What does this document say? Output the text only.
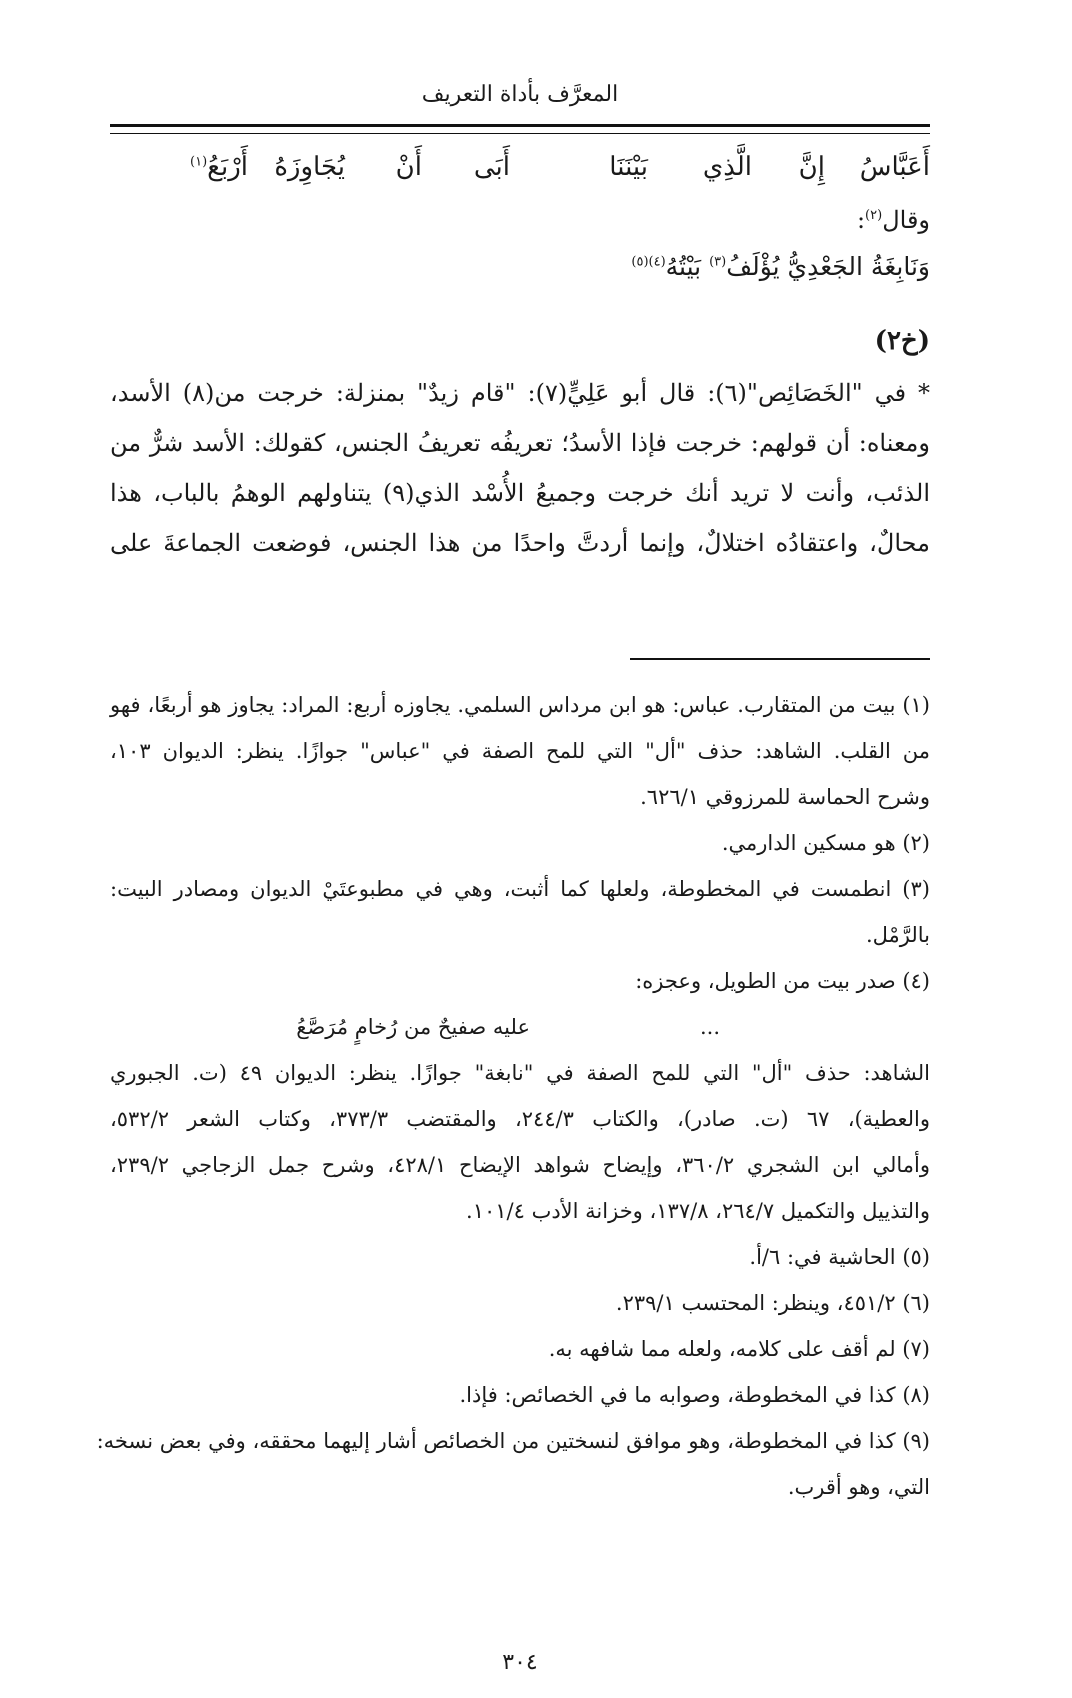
المعرَّف بأداة التعريف
أَعَبَّاسُ
إِنَّ
الَّذِي
بَيْنَنَا
أَبَى
أَنْ
يُجَاوِزَهُ
أَرْبَعُ$^{(١)}$
وقال$^{(٢)}$:
وَنَابِغَةُ الجَعْدِيُّ يُؤْلَفُ$^{(٣)}$ بَيْتُهُ$^{(٤)(٥)}$
(خ٢)
* في "الخَصَائِص"(٦): قال أبو عَلِيٍّ(٧): "قام زيدٌ" بمنزلة: خرجت من(٨) الأسد،
ومعناه: أن قولهم: خرجت فإذا الأسدُ؛ تعريفُه تعريفُ الجنس، كقولك: الأسد شرٌّ من
الذئب، وأنت لا تريد أنك خرجت وجميعُ الأُسْد الذي(٩) يتناولهم الوهمُ بالباب، هذا
محالٌ، واعتقادُه اختلالٌ، وإنما أردتَّ واحدًا من هذا الجنس، فوضعت الجماعةَ على
(١) بيت من المتقارب. عباس: هو ابن مرداس السلمي. يجاوزه أربع: المراد: يجاوز هو أربعًا، فهو
من القلب. الشاهد: حذف "أل" التي للمح الصفة في "عباس" جوازًا. ينظر: الديوان ١٠٣،
وشرح الحماسة للمرزوقي ٦٢٦/١.
(٢) هو مسكين الدارمي.
(٣) انطمست في المخطوطة، ولعلها كما أثبت، وهي في مطبوعتَيْ الديوان ومصادر البيت:
بالرَّمْل.
(٤) صدر بيت من الطويل، وعجزه:
...
عليه صفيحٌ من رُخامٍ مُرَصَّعُ
الشاهد: حذف "أل" التي للمح الصفة في "نابغة" جوازًا. ينظر: الديوان ٤٩ (ت. الجبوري
والعطية)، ٦٧ (ت. صادر)، والكتاب ٢٤٤/٣، والمقتضب ٣٧٣/٣، وكتاب الشعر ٥٣٢/٢،
وأمالي ابن الشجري ٣٦٠/٢، وإيضاح شواهد الإيضاح ٤٢٨/١، وشرح جمل الزجاجي ٢٣٩/٢،
والتذييل والتكميل ٢٦٤/٧، ١٣٧/٨، وخزانة الأدب ١٠١/٤.
(٥) الحاشية في: ٦/أ.
(٦) ٤٥١/٢، وينظر: المحتسب ٢٣٩/١.
(٧) لم أقف على كلامه، ولعله مما شافهه به.
(٨) كذا في المخطوطة، وصوابه ما في الخصائص: فإذا.
(٩) كذا في المخطوطة، وهو موافق لنسختين من الخصائص أشار إليهما محققه، وفي بعض نسخه:
التي، وهو أقرب.
٣٠٤
